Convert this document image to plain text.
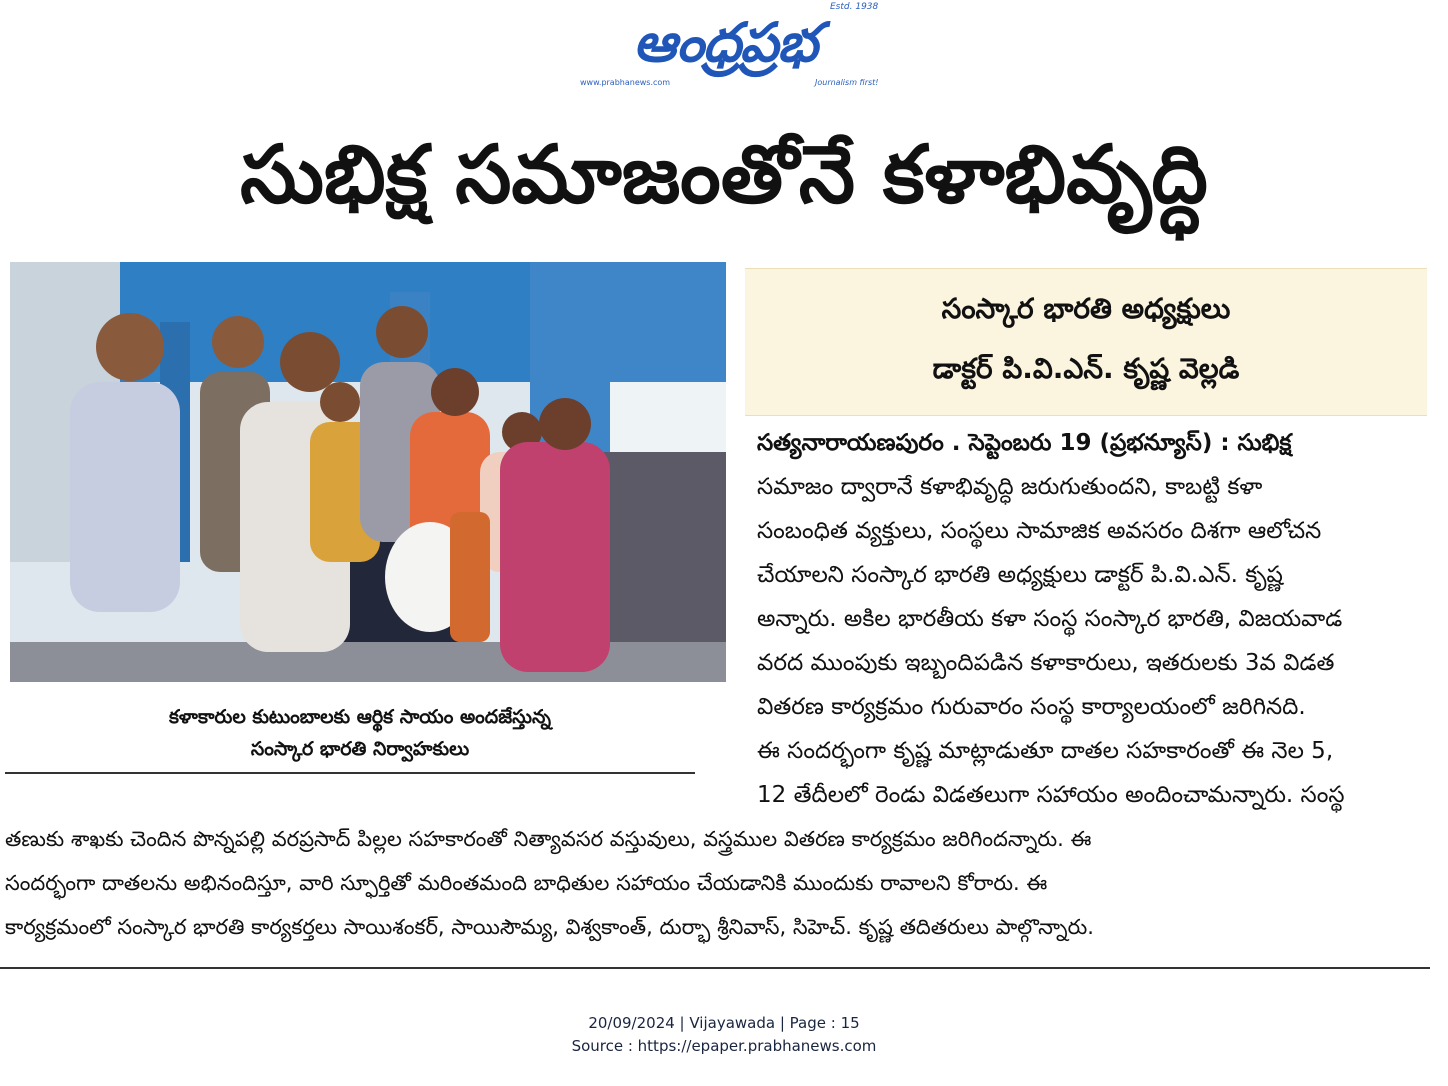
Estd. 1938
ఆంధ్రప్రభ
www.prabhanews.com	Journalism first!
సుభిక్ష సమాజంతోనే కళాభివృద్ధి
కళాకారుల కుటుంబాలకు ఆర్థిక సాయం అందజేస్తున్న
సంస్కార భారతి నిర్వాహకులు
సంస్కార భారతి అధ్యక్షులు
డాక్టర్ పి.వి.ఎన్. కృష్ణ వెల్లడి
సత్యనారాయణపురం . సెప్టెంబరు 19 (ప్రభన్యూస్) : సుభిక్ష
సమాజం ద్వారానే కళాభివృద్ధి జరుగుతుందని, కాబట్టి కళా
సంబంధిత వ్యక్తులు, సంస్థలు సామాజిక అవసరం దిశగా ఆలోచన
చేయాలని సంస్కార భారతి అధ్యక్షులు డాక్టర్ పి.వి.ఎన్. కృష్ణ
అన్నారు. అకిల భారతీయ కళా సంస్థ సంస్కార భారతి, విజయవాడ
వరద ముంపుకు ఇబ్బందిపడిన కళాకారులు, ఇతరులకు 3వ విడత
వితరణ కార్యక్రమం గురువారం సంస్థ కార్యాలయంలో జరిగినది.
ఈ సందర్భంగా కృష్ణ మాట్లాడుతూ దాతల సహకారంతో ఈ నెల 5,
12 తేదీలలో రెండు విడతలుగా సహాయం అందించామన్నారు. సంస్థ
తణుకు శాఖకు చెందిన పొన్నపల్లి వరప్రసాద్ పిల్లల సహకారంతో నిత్యావసర వస్తువులు, వస్త్రముల వితరణ కార్యక్రమం జరిగిందన్నారు. ఈ
సందర్భంగా దాతలను అభినందిస్తూ, వారి స్ఫూర్తితో మరింతమంది బాధితుల సహాయం చేయడానికి ముందుకు రావాలని కోరారు. ఈ
కార్యక్రమంలో సంస్కార భారతి కార్యకర్తలు సాయిశంకర్, సాయిసౌమ్య, విశ్వకాంత్, దుర్భా శ్రీనివాస్, సిహెచ్. కృష్ణ తదితరులు పాల్గొన్నారు.
20/09/2024 | Vijayawada | Page : 15
Source : https://epaper.prabhanews.com
